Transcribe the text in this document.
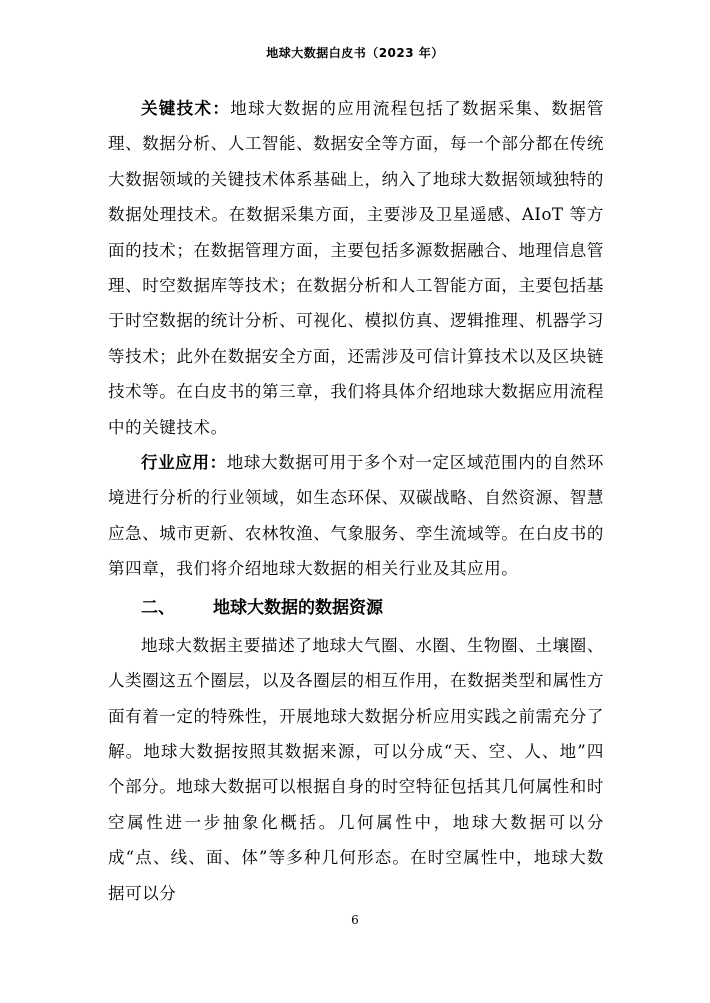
地球大数据白皮书（2023 年）

关键技术：地球大数据的应用流程包括了数据采集、数据管理、数据分析、人工智能、数据安全等方面，每一个部分都在传统大数据领域的关键技术体系基础上，纳入了地球大数据领域独特的数据处理技术。在数据采集方面，主要涉及卫星遥感、AIoT 等方面的技术；在数据管理方面，主要包括多源数据融合、地理信息管理、时空数据库等技术；在数据分析和人工智能方面，主要包括基于时空数据的统计分析、可视化、模拟仿真、逻辑推理、机器学习等技术；此外在数据安全方面，还需涉及可信计算技术以及区块链技术等。在白皮书的第三章，我们将具体介绍地球大数据应用流程中的关键技术。

行业应用：地球大数据可用于多个对一定区域范围内的自然环境进行分析的行业领域，如生态环保、双碳战略、自然资源、智慧应急、城市更新、农林牧渔、气象服务、孪生流域等。在白皮书的第四章，我们将介绍地球大数据的相关行业及其应用。

二、 地球大数据的数据资源

地球大数据主要描述了地球大气圈、水圈、生物圈、土壤圈、人类圈这五个圈层，以及各圈层的相互作用，在数据类型和属性方面有着一定的特殊性，开展地球大数据分析应用实践之前需充分了解。地球大数据按照其数据来源，可以分成“天、空、人、地”四个部分。地球大数据可以根据自身的时空特征包括其几何属性和时空属性进一步抽象化概括。几何属性中，地球大数据可以分成“点、线、面、体”等多种几何形态。在时空属性中，地球大数据可以分

6
